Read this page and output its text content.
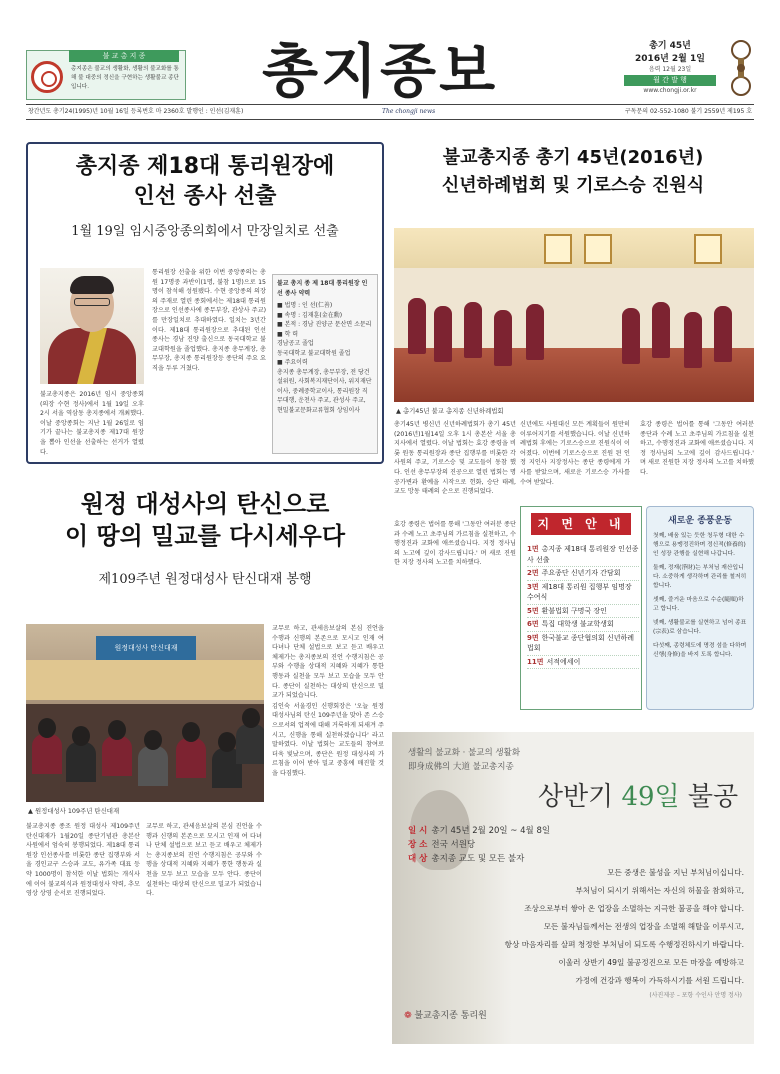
불 교 총 지 종
총지종은 불교의 생활화, 생활의 불교화를 통해 불 대중의 정신을 구현하는 생활불교 종단입니다.	총지종보	총기 45년
2016년 2월 1일
음력 12월 23일
월 간 발 행
www.chongji.or.kr
창간년도 총기24(1995)년 10월 16일 등록번호 마 2360호 발행인 : 인선(김재훈)	The chongji news	구독문의 02-552-1080 불기 2559년 제195 호
총지종 제18대 통리원장에
인선 종사 선출
1월 19일 임시중앙종의회에서 만장일치로 선출
불교총지종은 2016년 임시 중앙종회(의장 수현 정사)에서 1월 19일 오후 2시 서울 역삼동 총지종에서 개최했다. 이날 중앙종회는 지난 1월 26일로 임기가 끝나는 불교총지종 제17대 원장을 뽑아 인선을 선출하는 선거가 열렸다.
통리원장 선출을 위한 이번 중앙종의는 총원 17명중 과반이(1명, 불참 1명)으로 15명이 참석해 성원됐다. 수현 중앙종의 의장의 주재로 열린 종회에서는 제18대 통리원장으로 인선종사에 종무부장, 관상사 주교)를 만장일치로 추대하였다. 일치는 3년간이다. 제18대 통리원장으로 추대된 인선 종사는 경남 진양 출신으로 동국대학교 불교대학원을 졸업했다. 총지종 총무계장, 총무부장, 총지종 통리원장등 종단의 주요 요직을 두루 거쳤다.
불교 총지 종 제 18대 통리원장 인선 종사 약력
■ 법명 : 인 선(仁善)
■ 속명 : 김재훈(金在勳)
■ 본적 : 경남 진양군 문산면 소문리
■ 학 력
경남공고 졸업
동국대학교 불교대학원 졸업
■ 주요이력
총지종 총무계장, 총무부장, 전 당건설위원, 사회복지재단이사, 위지재단이사, 중례중학교이사, 통리원장 직무대행, 운천사 주교, 관성사 주교, 현밀불교문화교류협회 상임이사
불교총지종 총기 45년(2016년)
신년하례법회 및 기로스승 진원식
▲ 총기45년 불교 총지종 신년하례법회
총기45년 병신년 신년하례법회가 총기 45년(2016년)1월14일 오후 1시 총본산 서울 총지사에서 열렸다. 이날 법회는 효강 종령을 비롯 원동 통리원장과 종단 집행부를 비롯한 각 사원의 주교, 기로스승 및 교도들이 동참 했다. 인선 총무부장의 진공으로 열린 법회는 명공가변과 환예을 시작으로 헌화, 승단 태례, 교도 망동 태례의 순으로 진행되었다.
신년에도 사원대신 모든 계획들이 원만히 이루어지기를 서원했습니다. 이날 신년하례법회 후에는 기로스승으로 진원식이 이어졌다. 이번에 기로스승으로 진원 된 인정 지인사 지장정사는 종단 종령에게 가사를 받았으며, 새로운 기로스승 가사를 수여 받았다.
효강 종령은 법어를 통해 '그동안 여러분 종단과 수례 노고 초주님의 가르침을 실천하고, 수행정진과 교화에 애쓰셨습니다. 지정 정사님의 노고에 깊이 감사드립니다.' 며 새로 진원한 지장 정사의 노고를 치하했다.
지 면 안 내
1면 총지종 제18대 통리원장 인선종사 선출
2면 주요종단 신년기자 간담회
3면 제18대 통리원 집행부 임명장 수여식
5면 환불법회 구명국 장인
6면 특집 대학생 불교학생회
9면 한국불교 종단협의회 신년하례법회
11면 서적에세이
새로운 종풍운동

첫째, 배움 있는 듯한 청두형 대한 수행으로 용맹정진하며 정신적(修養的)인 성장 관행을 실현해 나갑니다.

둘째, 정재(淨財)는 부처님 재산입니다. 소중하게 생각하며 관리를 철저히 합니다.

셋째, 즐거운 마음으로 수순(隨順)하고 합니다.

넷째, 생활불교를 실현하고 넘어 종표(宗表)로 삼습니다.

다섯째, 종령체도에 명경 섬을 다하며 신행(身修)을 바지 도록 합니다.

원정 대성사의 탄신으로
이 땅의 밀교를 다시세우다
제109주년 원정대성사 탄신대재 봉행
원정대성사 탄신대재
▲ 원정대성사 109주년 탄신대재
불교총지종 종조 원정 대성사 제109주년 탄신대재가 1월20일 종단기념관 총본산 사원에서 엄숙히 봉행되었다. 제18대 통리원장 인선종사를 비롯한 종단 집행부와 서울 경인교구 스승과 교도, 유가족 대표 등 약 1000명이 참석한 이날 법회는 개식사에 이어 불교의식과 원정대성사 약력, 추모 영상 상영 순서로 진행되었다.
교무로 하고, 관세음보살의 본심 진언을 수행과 신행의 본존으로 모시고 인재 여 다녀나 단체 설법으로 보고 듣고 배우고 체제가는 총지종보의 진언 수행지침은 공부와 수행을 상대적 지혜와 지혜가 통한 행동과 실천을 모두 보고 모습을 모두 안다. 종단이 실천하는 대상의 탄신으로 밀교가 되었습니다.

교무로 하고, 관세음보살의 본심 진언을 수행과 신행의 본존으로 모시고 인재 여 다녀나 단체 설법으로 보고 듣고 배우고 체제가는 총지종보의 진언 수행지침은 공부와 수행을 상대적 지혜와 지혜가 통한 행동과 실천을 모두 보고 모습을 모두 안다. 종단이 실천하는 대상의 탄신으로 밀교가 되었습니다.

김인숙 서울경인 신행회장은 '오늘 원정 대성사님의 탄신 109주년을 맞아 존 스승으로서의 업적에 대해 거룩하게 되새겨 주시고, 신행을 통해 실천하겠습니다' 라고 말하였다. 이날 법회는 교도들의 참여로 더욱 빛났으며, 종단은 원정 대성사의 가르침을 이어 받아 밀교 중흥에 매진할 것을 다짐했다.

효강 종령은 법어를 통해 '그동안 여러분 종단과 수례 노고 초주님의 가르침을 실천하고, 수행정진과 교화에 애쓰셨습니다. 지정 정사님의 노고에 깊이 감사드립니다.' 며 새로 진원한 지장 정사의 노고를 치하했다.
생활의 불교화 · 불교의 생활화
即身成佛의 大道 불교총지종
상반기 49일 불공
일 시 총기 45년 2월 20일 ~ 4월 8일
장 소 전국 서원당
대 상 총지종 교도 및 모든 불자
모든 중생은 불성을 지닌 부처님이십니다.
부처님이 되시기 위해서는 자신의 허물을 참회하고,
조상으로부터 쌓아 온 업장을 소멸하는 지극한 불공을 해야 합니다.
모든 불자님들께서는 전생의 업장을 소멸해 해탈을 이루시고,
항상 마음자리를 살펴 청정한 부처님이 되도록 수행정진하시기 바랍니다.
이울러 상반기 49일 불공정진으로 모든 마장을 예방하고
가정에 건강과 행복이 가득하시기를 서원 드립니다.
(사진제공 – 포항 수인사 안명 정사)
❁ 불교총지종 통리원
